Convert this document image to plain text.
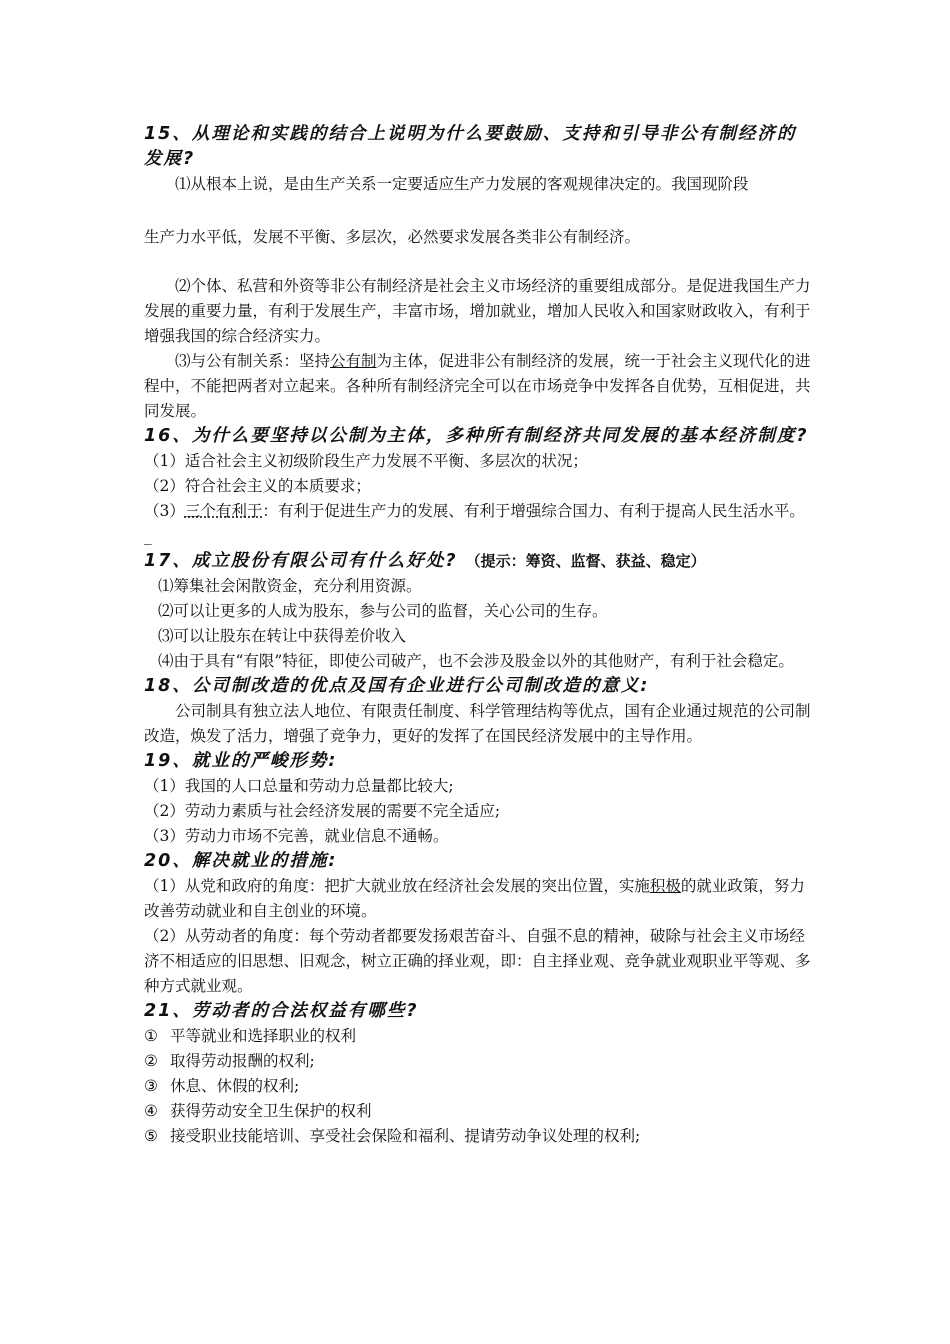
15、从理论和实践的结合上说明为什么要鼓励、支持和引导非公有制经济的发展?

⑴从根本上说，是由生产关系一定要适应生产力发展的客观规律决定的。我国现阶段

生产力水平低，发展不平衡、多层次，必然要求发展各类非公有制经济。

⑵个体、私营和外资等非公有制经济是社会主义市场经济的重要组成部分。是促进我国生产力发展的重要力量，有利于发展生产，丰富市场，增加就业，增加人民收入和国家财政收入，有利于增强我国的综合经济实力。

⑶与公有制关系：坚持公有制为主体，促进非公有制经济的发展，统一于社会主义现代化的进程中，不能把两者对立起来。各种所有制经济完全可以在市场竞争中发挥各自优势，互相促进，共同发展。

16、为什么要坚持以公制为主体，多种所有制经济共同发展的基本经济制度?

（1）适合社会主义初级阶段生产力发展不平衡、多层次的状况；

（2）符合社会主义的本质要求；

（3）三个有利于：有利于促进生产力的发展、有利于增强综合国力、有利于提高人民生活水平。_

17、成立股份有限公司有什么好处? （提示：筹资、监督、获益、稳定）

⑴筹集社会闲散资金，充分利用资源。

⑵可以让更多的人成为股东，参与公司的监督，关心公司的生存。

⑶可以让股东在转让中获得差价收入

⑷由于具有“有限”特征，即使公司破产，也不会涉及股金以外的其他财产，有利于社会稳定。

18、公司制改造的优点及国有企业进行公司制改造的意义:

公司制具有独立法人地位、有限责任制度、科学管理结构等优点，国有企业通过规范的公司制改造，焕发了活力，增强了竞争力，更好的发挥了在国民经济发展中的主导作用。

19、就业的严峻形势:

（1）我国的人口总量和劳动力总量都比较大;

（2）劳动力素质与社会经济发展的需要不完全适应;

（3）劳动力市场不完善，就业信息不通畅。

20、解决就业的措施:

（1）从党和政府的角度：把扩大就业放在经济社会发展的突出位置，实施积极的就业政策，努力改善劳动就业和自主创业的环境。

（2）从劳动者的角度：每个劳动者都要发扬艰苦奋斗、自强不息的精神，破除与社会主义市场经济不相适应的旧思想、旧观念，树立正确的择业观，即：自主择业观、竞争就业观职业平等观、多种方式就业观。

21、劳动者的合法权益有哪些?

① 平等就业和选择职业的权利

② 取得劳动报酬的权利;

③ 休息、休假的权利;

④ 获得劳动安全卫生保护的权利

⑤ 接受职业技能培训、享受社会保险和福利、提请劳动争议处理的权利;
